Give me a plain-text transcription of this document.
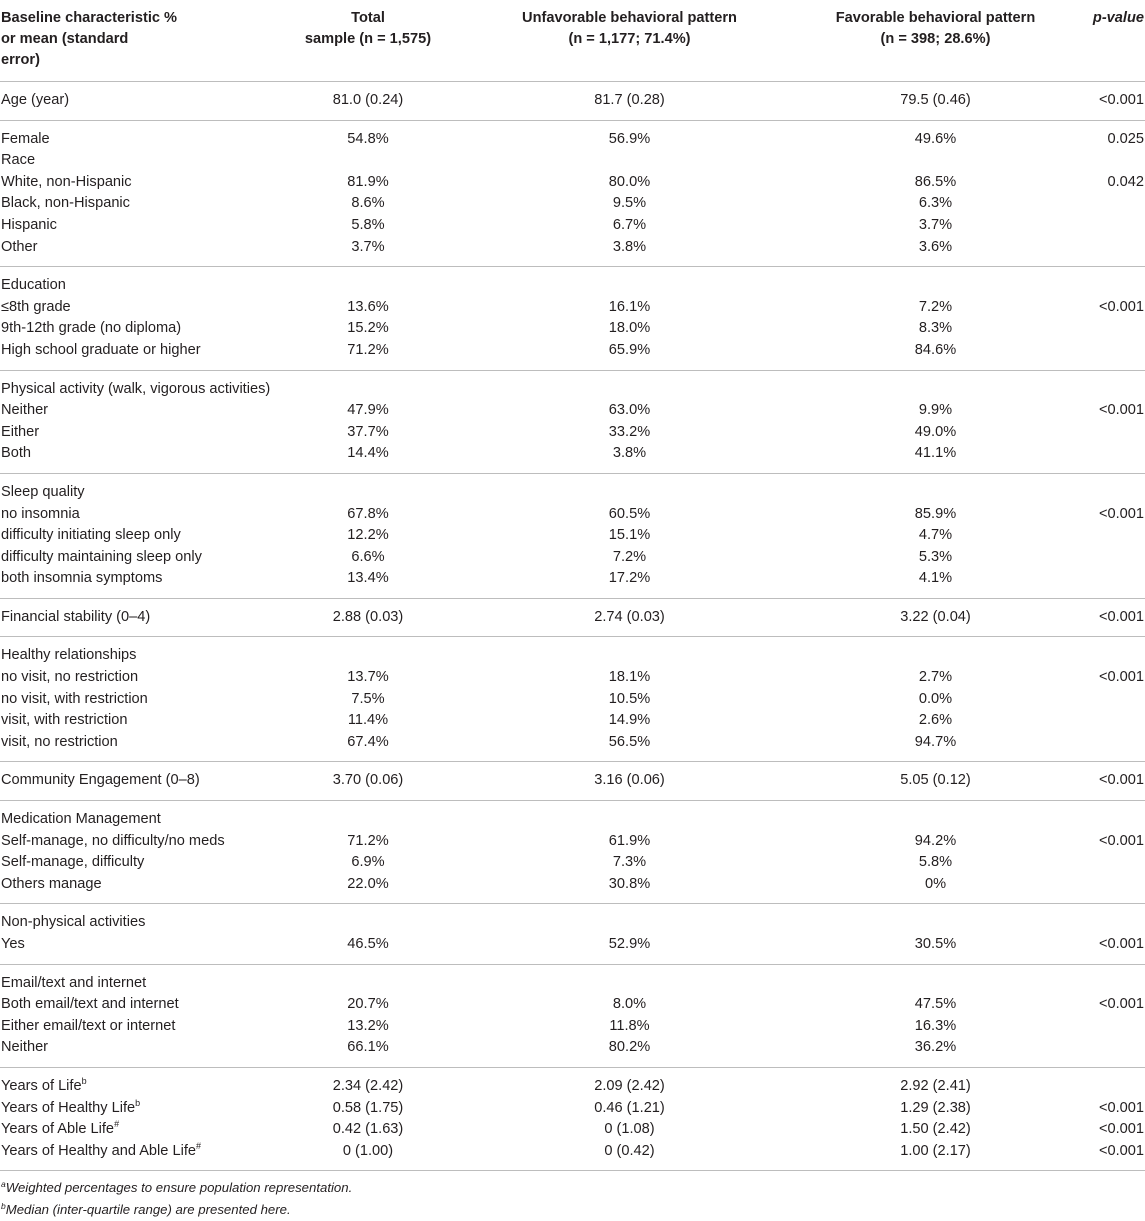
Baseline characteristic %
or mean (standard
error)	Total
sample (n = 1,575)	Unfavorable behavioral pattern
(n = 1,177; 71.4%)	Favorable behavioral pattern
(n = 398; 28.6%)	p-value
Age (year)	81.0 (0.24)	81.7 (0.28)	79.5 (0.46)	<0.001
Female	54.8%	56.9%	49.6%	0.025
Race				
White, non-Hispanic	81.9%	80.0%	86.5%	0.042
Black, non-Hispanic	8.6%	9.5%	6.3%	
Hispanic	5.8%	6.7%	3.7%	
Other	3.7%	3.8%	3.6%	
Education				
≤8th grade	13.6%	16.1%	7.2%	<0.001
9th-12th grade (no diploma)	15.2%	18.0%	8.3%	
High school graduate or higher	71.2%	65.9%	84.6%	
Physical activity (walk, vigorous activities)				
Neither	47.9%	63.0%	9.9%	<0.001
Either	37.7%	33.2%	49.0%	
Both	14.4%	3.8%	41.1%	
Sleep quality				
no insomnia	67.8%	60.5%	85.9%	<0.001
difficulty initiating sleep only	12.2%	15.1%	4.7%	
difficulty maintaining sleep only	6.6%	7.2%	5.3%	
both insomnia symptoms	13.4%	17.2%	4.1%	
Financial stability (0–4)	2.88 (0.03)	2.74 (0.03)	3.22 (0.04)	<0.001
Healthy relationships				
no visit, no restriction	13.7%	18.1%	2.7%	<0.001
no visit, with restriction	7.5%	10.5%	0.0%	
visit, with restriction	11.4%	14.9%	2.6%	
visit, no restriction	67.4%	56.5%	94.7%	
Community Engagement (0–8)	3.70 (0.06)	3.16 (0.06)	5.05 (0.12)	<0.001
Medication Management				
Self-manage, no difficulty/no meds	71.2%	61.9%	94.2%	<0.001
Self-manage, difficulty	6.9%	7.3%	5.8%	
Others manage	22.0%	30.8%	0%	
Non-physical activities				
Yes	46.5%	52.9%	30.5%	<0.001
Email/text and internet				
Both email/text and internet	20.7%	8.0%	47.5%	<0.001
Either email/text or internet	13.2%	11.8%	16.3%	
Neither	66.1%	80.2%	36.2%	
Years of Life$^b$	2.34 (2.42)	2.09 (2.42)	2.92 (2.41)	
Years of Healthy Life$^b$	0.58 (1.75)	0.46 (1.21)	1.29 (2.38)	<0.001
Years of Able Life#	0.42 (1.63)	0 (1.08)	1.50 (2.42)	<0.001
Years of Healthy and Able Life#	0 (1.00)	0 (0.42)	1.00 (2.17)	<0.001
$^a$Weighted percentages to ensure population representation.
$^b$Median (inter-quartile range) are presented here.
